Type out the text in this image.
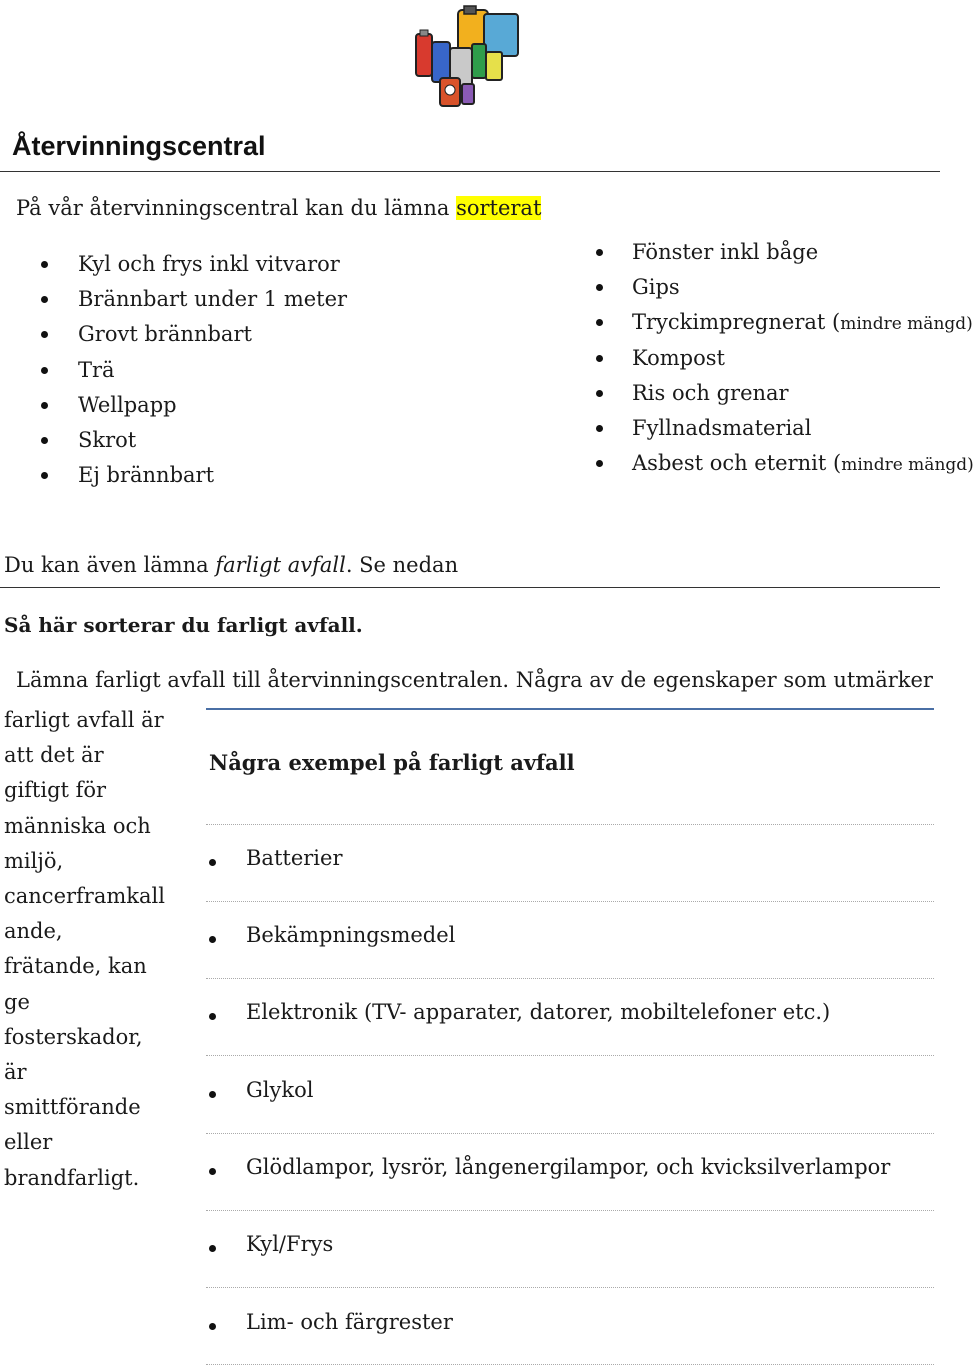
Återvinningscentral
På vår återvinningscentral kan du lämna sorterat
Kyl och frys inkl vitvaror
Brännbart under 1 meter
Grovt brännbart
Trä
Wellpapp
Skrot
Ej brännbart
Fönster inkl båge
Gips
Tryckimpregnerat (mindre mängd)
Kompost
Ris och grenar
Fyllnadsmaterial
Asbest och eternit (mindre mängd)
Du kan även lämna farligt avfall. Se nedan
Så här sorterar du farligt avfall.
Lämna farligt avfall till återvinningscentralen. Några av de egenskaper som utmärker
farligt avfall är
att det är
giftigt för
människa och
miljö,
cancerframkall
ande,
frätande, kan
ge
fosterskador,
är
smittförande
eller
brandfarligt.
Några exempel på farligt avfall
Batterier
Bekämpningsmedel
Elektronik (TV- apparater, datorer, mobiltelefoner etc.)
Glykol
Glödlampor, lysrör, långenergilampor, och kvicksilverlampor
Kyl/Frys
Lim- och färgrester
